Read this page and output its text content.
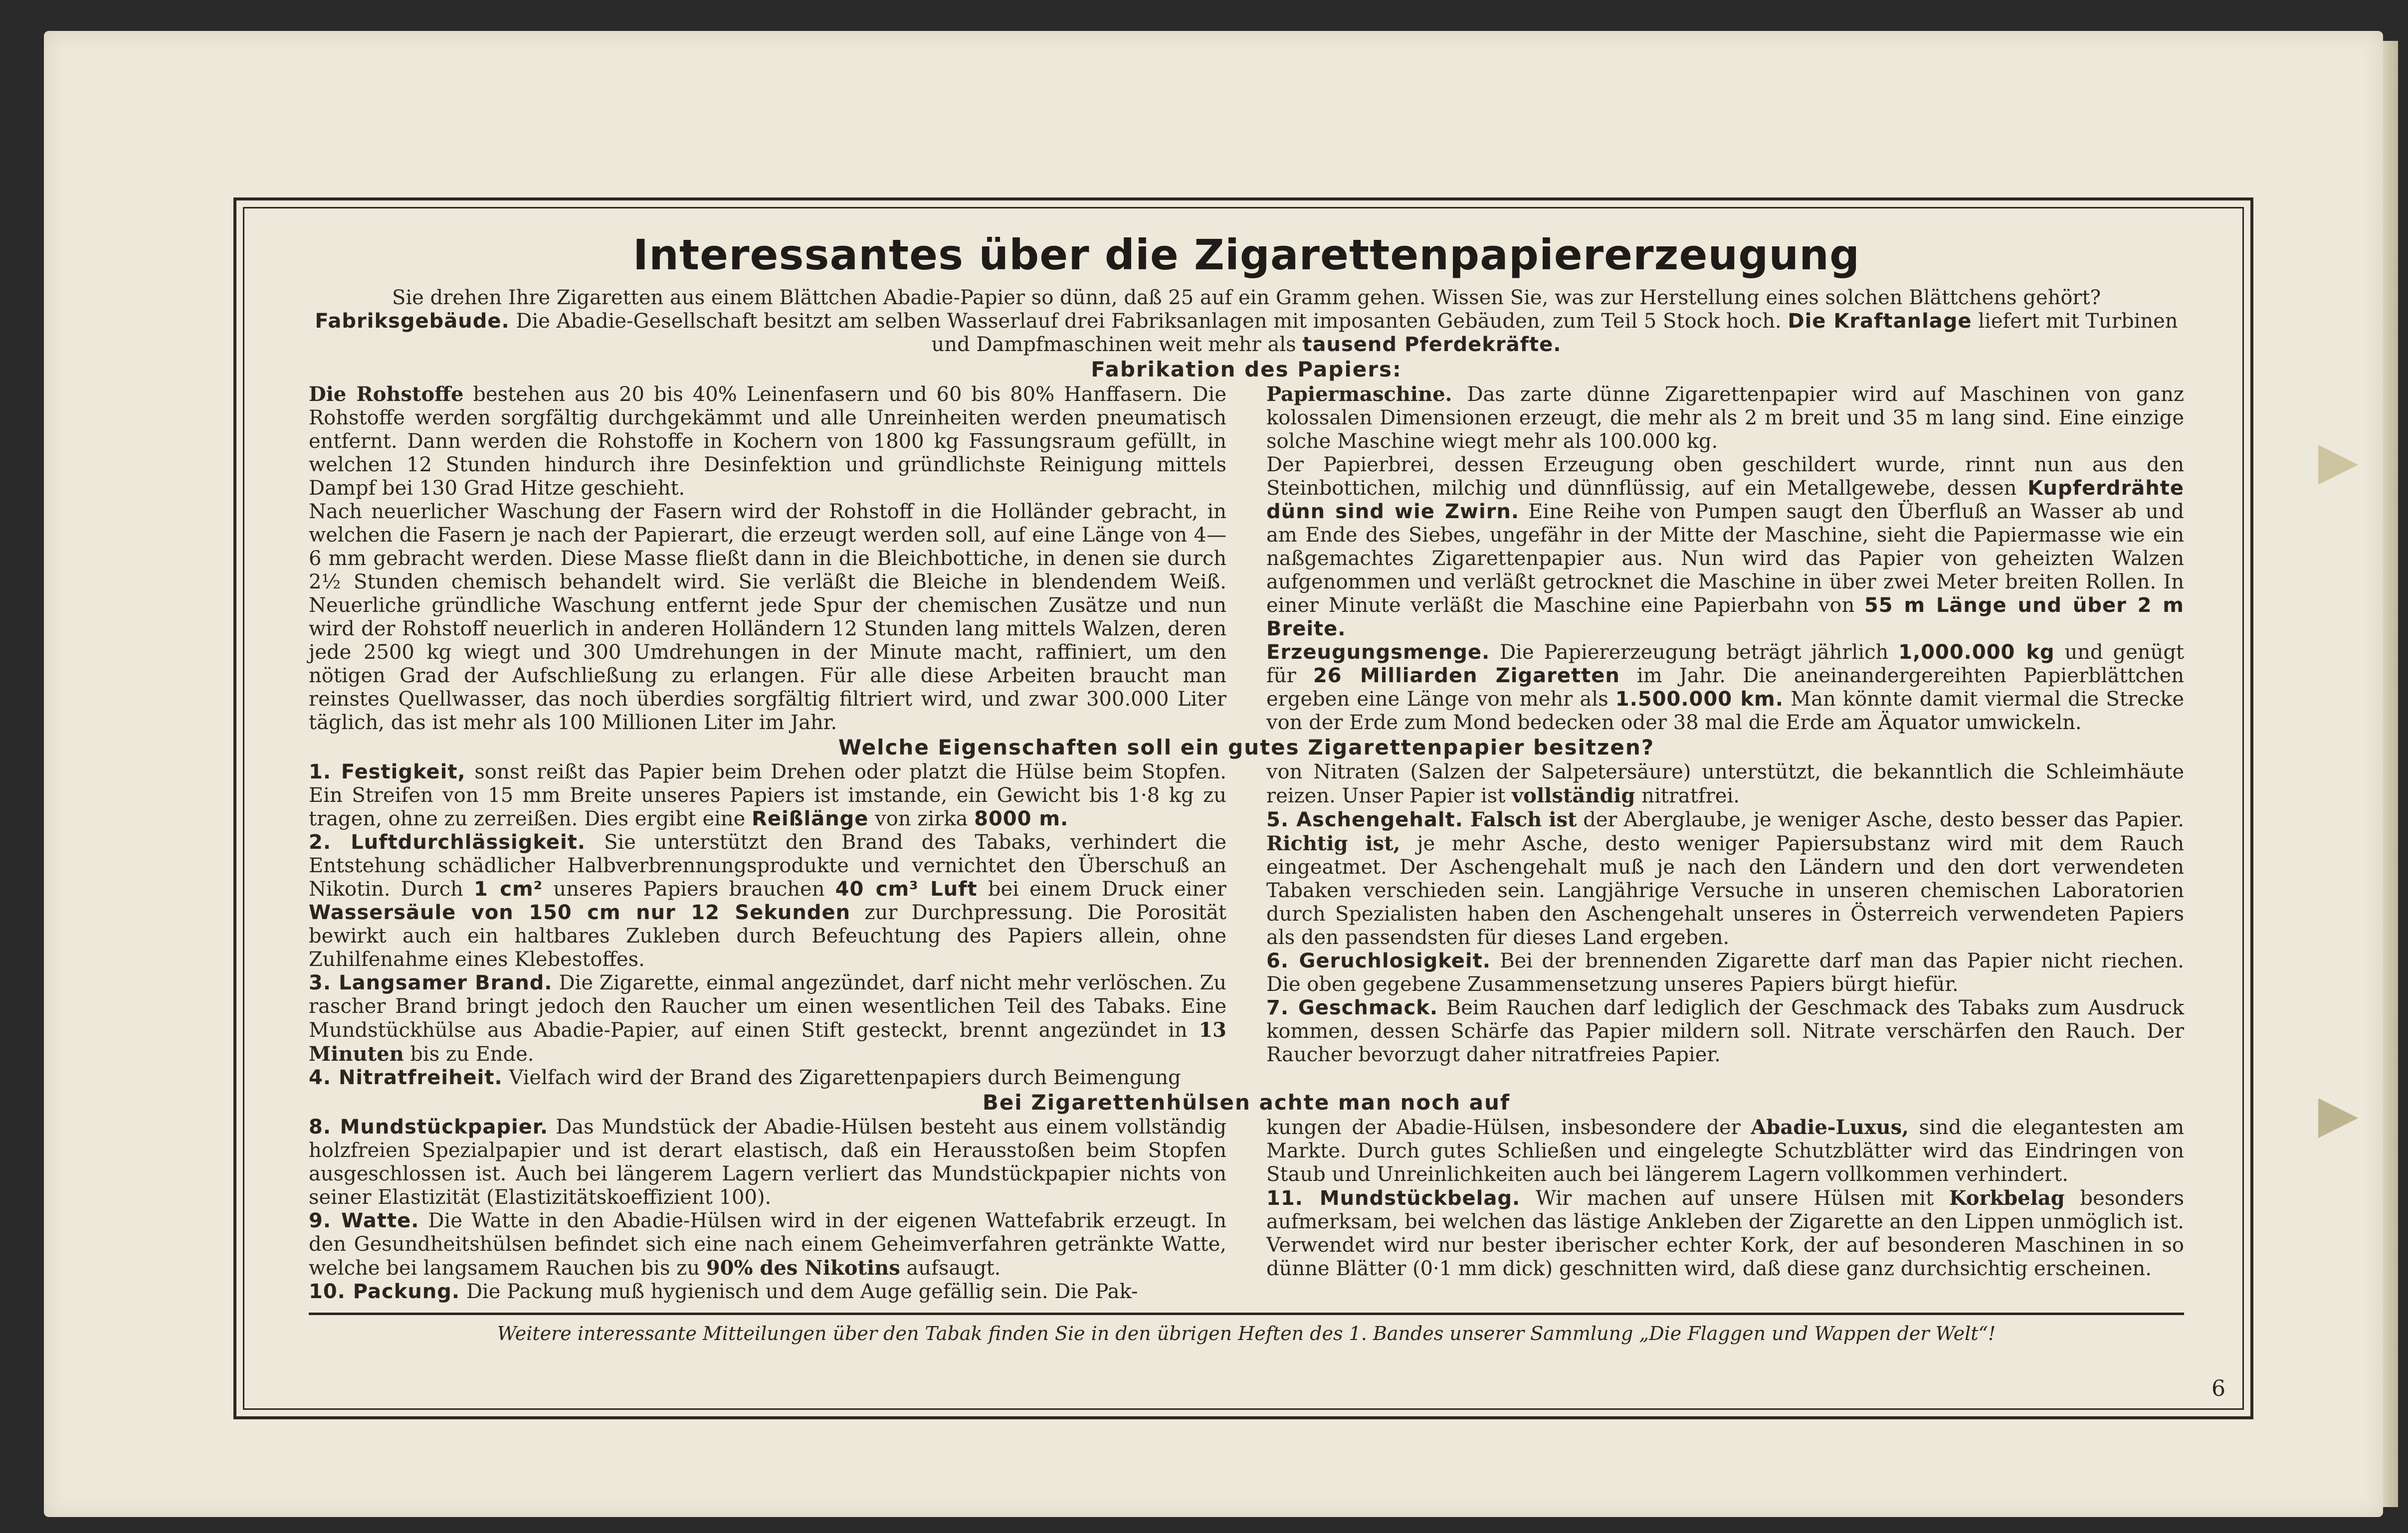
Interessantes über die Zigarettenpapiererzeugung

Sie drehen Ihre Zigaretten aus einem Blättchen Abadie-Papier so dünn, daß 25 auf ein Gramm gehen. Wissen Sie, was zur Herstellung eines solchen Blättchens gehört?

Fabriksgebäude. Die Abadie-Gesellschaft besitzt am selben Wasserlauf drei Fabriksanlagen mit imposanten Gebäuden, zum Teil 5 Stock hoch. Die Kraftanlage liefert mit Turbinen und Dampfmaschinen weit mehr als tausend Pferdekräfte.

Fabrikation des Papiers:

Die Rohstoffe bestehen aus 20 bis 40% Leinenfasern und 60 bis 80% Hanffasern. Die Rohstoffe werden sorgfältig durchgekämmt und alle Unreinheiten werden pneumatisch entfernt. Dann werden die Rohstoffe in Kochern von 1800 kg Fassungsraum gefüllt, in welchen 12 Stunden hindurch ihre Desinfektion und gründlichste Reinigung mittels Dampf bei 130 Grad Hitze geschieht.

Nach neuerlicher Waschung der Fasern wird der Rohstoff in die Holländer gebracht, in welchen die Fasern je nach der Papierart, die erzeugt werden soll, auf eine Länge von 4—6 mm gebracht werden. Diese Masse fließt dann in die Bleichbottiche, in denen sie durch 2½ Stunden chemisch behandelt wird. Sie verläßt die Bleiche in blendendem Weiß. Neuerliche gründliche Waschung entfernt jede Spur der chemischen Zusätze und nun wird der Rohstoff neuerlich in anderen Holländern 12 Stunden lang mittels Walzen, deren jede 2500 kg wiegt und 300 Umdrehungen in der Minute macht, raffiniert, um den nötigen Grad der Aufschließung zu erlangen. Für alle diese Arbeiten braucht man reinstes Quellwasser, das noch überdies sorgfältig filtriert wird, und zwar 300.000 Liter täglich, das ist mehr als 100 Millionen Liter im Jahr.

Papiermaschine. Das zarte dünne Zigarettenpapier wird auf Maschinen von ganz kolossalen Dimensionen erzeugt, die mehr als 2 m breit und 35 m lang sind. Eine einzige solche Maschine wiegt mehr als 100.000 kg.

Der Papierbrei, dessen Erzeugung oben geschildert wurde, rinnt nun aus den Steinbottichen, milchig und dünnflüssig, auf ein Metallgewebe, dessen Kupferdrähte dünn sind wie Zwirn. Eine Reihe von Pumpen saugt den Überfluß an Wasser ab und am Ende des Siebes, ungefähr in der Mitte der Maschine, sieht die Papiermasse wie ein naßgemachtes Zigarettenpapier aus. Nun wird das Papier von geheizten Walzen aufgenommen und verläßt getrocknet die Maschine in über zwei Meter breiten Rollen. In einer Minute verläßt die Maschine eine Papierbahn von 55 m Länge und über 2 m Breite.

Erzeugungsmenge. Die Papiererzeugung beträgt jährlich 1,000.000 kg und genügt für 26 Milliarden Zigaretten im Jahr. Die aneinandergereihten Papierblättchen ergeben eine Länge von mehr als 1.500.000 km. Man könnte damit viermal die Strecke von der Erde zum Mond bedecken oder 38 mal die Erde am Äquator umwickeln.

Welche Eigenschaften soll ein gutes Zigarettenpapier besitzen?

1. Festigkeit, sonst reißt das Papier beim Drehen oder platzt die Hülse beim Stopfen. Ein Streifen von 15 mm Breite unseres Papiers ist imstande, ein Gewicht bis 1·8 kg zu tragen, ohne zu zerreißen. Dies ergibt eine Reißlänge von zirka 8000 m.

2. Luftdurchlässigkeit. Sie unterstützt den Brand des Tabaks, verhindert die Entstehung schädlicher Halbverbrennungsprodukte und vernichtet den Überschuß an Nikotin. Durch 1 cm² unseres Papiers brauchen 40 cm³ Luft bei einem Druck einer Wassersäule von 150 cm nur 12 Sekunden zur Durchpressung. Die Porosität bewirkt auch ein haltbares Zukleben durch Befeuchtung des Papiers allein, ohne Zuhilfenahme eines Klebestoffes.

3. Langsamer Brand. Die Zigarette, einmal angezündet, darf nicht mehr verlöschen. Zu rascher Brand bringt jedoch den Raucher um einen wesentlichen Teil des Tabaks. Eine Mundstückhülse aus Abadie-Papier, auf einen Stift gesteckt, brennt angezündet in 13 Minuten bis zu Ende.

4. Nitratfreiheit. Vielfach wird der Brand des Zigarettenpapiers durch Beimengung

von Nitraten (Salzen der Salpetersäure) unterstützt, die bekanntlich die Schleimhäute reizen. Unser Papier ist vollständig nitratfrei.

5. Aschengehalt. Falsch ist der Aberglaube, je weniger Asche, desto besser das Papier. Richtig ist, je mehr Asche, desto weniger Papiersubstanz wird mit dem Rauch eingeatmet. Der Aschengehalt muß je nach den Ländern und den dort verwendeten Tabaken verschieden sein. Langjährige Versuche in unseren chemischen Laboratorien durch Spezialisten haben den Aschengehalt unseres in Österreich verwendeten Papiers als den passendsten für dieses Land ergeben.

6. Geruchlosigkeit. Bei der brennenden Zigarette darf man das Papier nicht riechen. Die oben gegebene Zusammensetzung unseres Papiers bürgt hiefür.

7. Geschmack. Beim Rauchen darf lediglich der Geschmack des Tabaks zum Ausdruck kommen, dessen Schärfe das Papier mildern soll. Nitrate verschärfen den Rauch. Der Raucher bevorzugt daher nitratfreies Papier.

Bei Zigarettenhülsen achte man noch auf

8. Mundstückpapier. Das Mundstück der Abadie-Hülsen besteht aus einem vollständig holzfreien Spezialpapier und ist derart elastisch, daß ein Herausstoßen beim Stopfen ausgeschlossen ist. Auch bei längerem Lagern verliert das Mundstückpapier nichts von seiner Elastizität (Elastizitätskoeffizient 100).

9. Watte. Die Watte in den Abadie-Hülsen wird in der eigenen Wattefabrik erzeugt. In den Gesundheitshülsen befindet sich eine nach einem Geheimverfahren getränkte Watte, welche bei langsamem Rauchen bis zu 90% des Nikotins aufsaugt.

10. Packung. Die Packung muß hygienisch und dem Auge gefällig sein. Die Pak-

kungen der Abadie-Hülsen, insbesondere der Abadie-Luxus, sind die elegantesten am Markte. Durch gutes Schließen und eingelegte Schutzblätter wird das Eindringen von Staub und Unreinlichkeiten auch bei längerem Lagern vollkommen verhindert.

11. Mundstückbelag. Wir machen auf unsere Hülsen mit Korkbelag besonders aufmerksam, bei welchen das lästige Ankleben der Zigarette an den Lippen unmöglich ist. Verwendet wird nur bester iberischer echter Kork, der auf besonderen Maschinen in so dünne Blätter (0·1 mm dick) geschnitten wird, daß diese ganz durchsichtig erscheinen.

Weitere interessante Mitteilungen über den Tabak finden Sie in den übrigen Heften des 1. Bandes unserer Sammlung „Die Flaggen und Wappen der Welt“!

6
